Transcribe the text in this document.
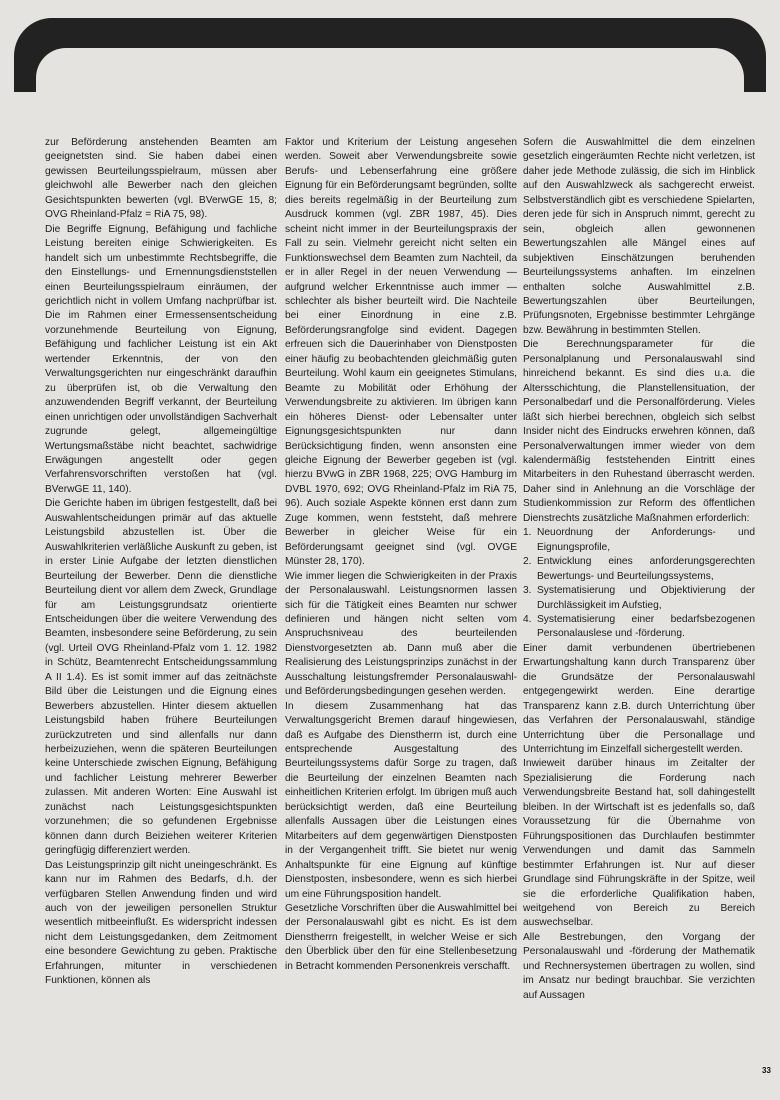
zur Beförderung anstehenden Beamten am geeignetsten sind. Sie haben dabei einen gewissen Beurteilungsspielraum, müssen aber gleichwohl alle Bewerber nach den gleichen Gesichtspunkten bewerten (vgl. BVerwGE 15, 8; OVG Rheinland-Pfalz = RiA 75, 98).

Die Begriffe Eignung, Befähigung und fachliche Leistung bereiten einige Schwierigkeiten. Es handelt sich um unbestimmte Rechtsbegriffe, die den Einstellungs- und Ernennungsdienststellen einen Beurteilungsspielraum einräumen, der gerichtlich nicht in vollem Umfang nachprüfbar ist. Die im Rahmen einer Ermessensentscheidung vorzunehmende Beurteilung von Eignung, Befähigung und fachlicher Leistung ist ein Akt wertender Erkenntnis, der von den Verwaltungsgerichten nur eingeschränkt daraufhin zu überprüfen ist, ob die Verwaltung den anzuwendenden Begriff verkannt, der Beurteilung einen unrichtigen oder unvollständigen Sachverhalt zugrunde gelegt, allgemeingültige Wertungsmaßstäbe nicht beachtet, sachwidrige Erwägungen angestellt oder gegen Verfahrensvorschriften verstoßen hat (vgl. BVerwGE 11, 140).

Die Gerichte haben im übrigen festgestellt, daß bei Auswahlentscheidungen primär auf das aktuelle Leistungsbild abzustellen ist. Über die Auswahlkriterien verläßliche Auskunft zu geben, ist in erster Linie Aufgabe der letzten dienstlichen Beurteilung der Bewerber. Denn die dienstliche Beurteilung dient vor allem dem Zweck, Grundlage für am Leistungsgrundsatz orientierte Entscheidungen über die weitere Verwendung des Beamten, insbesondere seine Beförderung, zu sein (vgl. Urteil OVG Rheinland-Pfalz vom 1. 12. 1982 in Schütz, Beamtenrecht Entscheidungssammlung A II 1.4). Es ist somit immer auf das zeitnächste Bild über die Leistungen und die Eignung eines Bewerbers abzustellen. Hinter diesem aktuellen Leistungsbild haben frühere Beurteilungen zurückzutreten und sind allenfalls nur dann herbeizuziehen, wenn die späteren Beurteilungen keine Unterschiede zwischen Eignung, Befähigung und fachlicher Leistung mehrerer Bewerber zulassen. Mit anderen Worten: Eine Auswahl ist zunächst nach Leistungsgesichtspunkten vorzunehmen; die so gefundenen Ergebnisse können dann durch Beiziehen weiterer Kriterien geringfügig differenziert werden.

Das Leistungsprinzip gilt nicht uneingeschränkt. Es kann nur im Rahmen des Bedarfs, d.h. der verfügbaren Stellen Anwendung finden und wird auch von der jeweiligen personellen Struktur wesentlich mitbeeinflußt. Es widerspricht indessen nicht dem Leistungsgedanken, dem Zeitmoment eine besondere Gewichtung zu geben. Praktische Erfahrungen, mitunter in verschiedenen Funktionen, können als

Faktor und Kriterium der Leistung angesehen werden. Soweit aber Verwendungsbreite sowie Berufs- und Lebenserfahrung eine größere Eignung für ein Beförderungsamt begründen, sollte dies bereits regelmäßig in der Beurteilung zum Ausdruck kommen (vgl. ZBR 1987, 45). Dies scheint nicht immer in der Beurteilungspraxis der Fall zu sein. Vielmehr gereicht nicht selten ein Funktionswechsel dem Beamten zum Nachteil, da er in aller Regel in der neuen Verwendung — aufgrund welcher Erkenntnisse auch immer — schlechter als bisher beurteilt wird. Die Nachteile bei einer Einordnung in eine z.B. Beförderungsrangfolge sind evident. Dagegen erfreuen sich die Dauerinhaber von Dienstposten einer häufig zu beobachtenden gleichmäßig guten Beurteilung. Wohl kaum ein geeignetes Stimulans, Beamte zu Mobilität oder Erhöhung der Verwendungsbreite zu aktivieren. Im übrigen kann ein höheres Dienst- oder Lebensalter unter Eignungsgesichtspunkten nur dann Berücksichtigung finden, wenn ansonsten eine gleiche Eignung der Bewerber gegeben ist (vgl. hierzu BVwG in ZBR 1968, 225; OVG Hamburg im DVBL 1970, 692; OVG Rheinland-Pfalz im RiA 75, 96). Auch soziale Aspekte können erst dann zum Zuge kommen, wenn feststeht, daß mehrere Bewerber in gleicher Weise für ein Beförderungsamt geeignet sind (vgl. OVGE Münster 28, 170).

Wie immer liegen die Schwierigkeiten in der Praxis der Personalauswahl. Leistungsnormen lassen sich für die Tätigkeit eines Beamten nur schwer definieren und hängen nicht selten vom Anspruchsniveau des beurteilenden Dienstvorgesetzten ab. Dann muß aber die Realisierung des Leistungsprinzips zunächst in der Ausschaltung leistungsfremder Personalauswahl- und Beförderungsbedingungen gesehen werden.

In diesem Zusammenhang hat das Verwaltungsgericht Bremen darauf hingewiesen, daß es Aufgabe des Dienstherrn ist, durch eine entsprechende Ausgestaltung des Beurteilungssystems dafür Sorge zu tragen, daß die Beurteilung der einzelnen Beamten nach einheitlichen Kriterien erfolgt. Im übrigen muß auch berücksichtigt werden, daß eine Beurteilung allenfalls Aussagen über die Leistungen eines Mitarbeiters auf dem gegenwärtigen Dienstposten in der Vergangenheit trifft. Sie bietet nur wenig Anhaltspunkte für eine Eignung auf künftige Dienstposten, insbesondere, wenn es sich hierbei um eine Führungsposition handelt.

Gesetzliche Vorschriften über die Auswahlmittel bei der Personalauswahl gibt es nicht. Es ist dem Dienstherrn freigestellt, in welcher Weise er sich den Überblick über den für eine Stellenbesetzung in Betracht kommenden Personenkreis verschafft.

Sofern die Auswahlmittel die dem einzelnen gesetzlich eingeräumten Rechte nicht verletzen, ist daher jede Methode zulässig, die sich im Hinblick auf den Auswahlzweck als sachgerecht erweist. Selbstverständlich gibt es verschiedene Spielarten, deren jede für sich in Anspruch nimmt, gerecht zu sein, obgleich allen gewonnenen Bewertungszahlen alle Mängel eines auf subjektiven Einschätzungen beruhenden Beurteilungssystems anhaften. Im einzelnen enthalten solche Auswahlmittel z.B. Bewertungszahlen über Beurteilungen, Prüfungsnoten, Ergebnisse bestimmter Lehrgänge bzw. Bewährung in bestimmten Stellen.

Die Berechnungsparameter für die Personalplanung und Personalauswahl sind hinreichend bekannt. Es sind dies u.a. die Altersschichtung, die Planstellensituation, der Personalbedarf und die Personalförderung. Vieles läßt sich hierbei berechnen, obgleich sich selbst Insider nicht des Eindrucks erwehren können, daß Personalverwaltungen immer wieder von dem kalendermäßig feststehenden Eintritt eines Mitarbeiters in den Ruhestand überrascht werden. Daher sind in Anlehnung an die Vorschläge der Studienkommission zur Reform des öffentlichen Dienstrechts zusätzliche Maßnahmen erforderlich:

1. Neuordnung der Anforderungs- und Eignungsprofile,
2. Entwicklung eines anforderungsgerechten Bewertungs- und Beurteilungssystems,
3. Systematisierung und Objektivierung der Durchlässigkeit im Aufstieg,
4. Systematisierung einer bedarfsbezogenen Personalauslese und -förderung.

Einer damit verbundenen übertriebenen Erwartungshaltung kann durch Transparenz über die Grundsätze der Personalauswahl entgegengewirkt werden. Eine derartige Transparenz kann z.B. durch Unterrichtung über das Verfahren der Personalauswahl, ständige Unterrichtung über die Personallage und Unterrichtung im Einzelfall sichergestellt werden.

Inwieweit darüber hinaus im Zeitalter der Spezialisierung die Forderung nach Verwendungsbreite Bestand hat, soll dahingestellt bleiben. In der Wirtschaft ist es jedenfalls so, daß Voraussetzung für die Übernahme von Führungspositionen das Durchlaufen bestimmter Verwendungen und damit das Sammeln bestimmter Erfahrungen ist. Nur auf dieser Grundlage sind Führungskräfte in der Spitze, weil sie die erforderliche Qualifikation haben, weitgehend von Bereich zu Bereich auswechselbar.

Alle Bestrebungen, den Vorgang der Personalauswahl und -förderung der Mathematik und Rechnersystemen übertragen zu wollen, sind im Ansatz nur bedingt brauchbar. Sie verzichten auf Aussagen

33
